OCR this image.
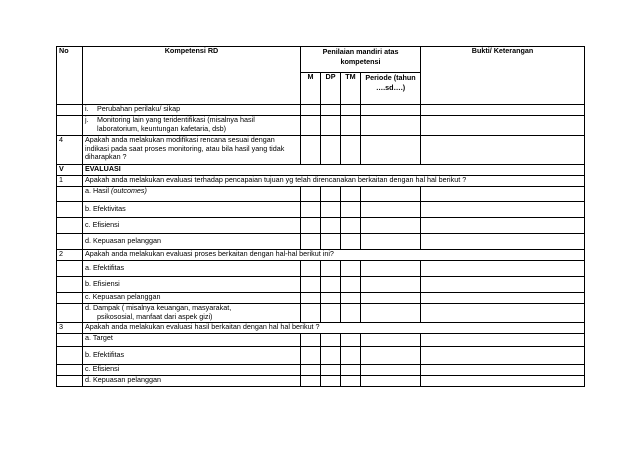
No	Kompetensi RD	Penilaian mandiri atas kompetensi				Bukti/ Keterangan
		M	DP	TM	Periode (tahun ….sd….)	

	i. Perubahan perilaku/ sikap					

	j. Monitoring lain yang teridentifikasi (misalnya hasil
laboratorium, keuntungan kafetaria, dsb)					

4	Apakah anda melakukan modifikasi rencana sesuai dengan indikasi pada saat proses monitoring, atau bila hasil yang tidak diharapkan ?					
V	EVALUASI					
1	Apakah anda melakukan evaluasi terhadap pencapaian tujuan yg telah direncanakan berkaitan dengan hal hal berikut ?					
	a. Hasil (outcomes)					
	b. Efektivitas					
	c. Efisiensi					
	d. Kepuasan pelanggan					
2	Apakah anda melakukan evaluasi proses berkaitan dengan hal-hal berikut ini?					
	a. Efektifitas					
	b. Efisiensi					
	c. Kepuasan pelanggan					
	d. Dampak ( misalnya keuangan, masyarakat,
psikososial, manfaat dari aspek gizi)					

3	Apakah anda melakukan evaluasi hasil berkaitan dengan hal hal berikut ?					
	a. Target					
	b. Efektifitas					
	c. Efisiensi					
	d. Kepuasan pelanggan					
